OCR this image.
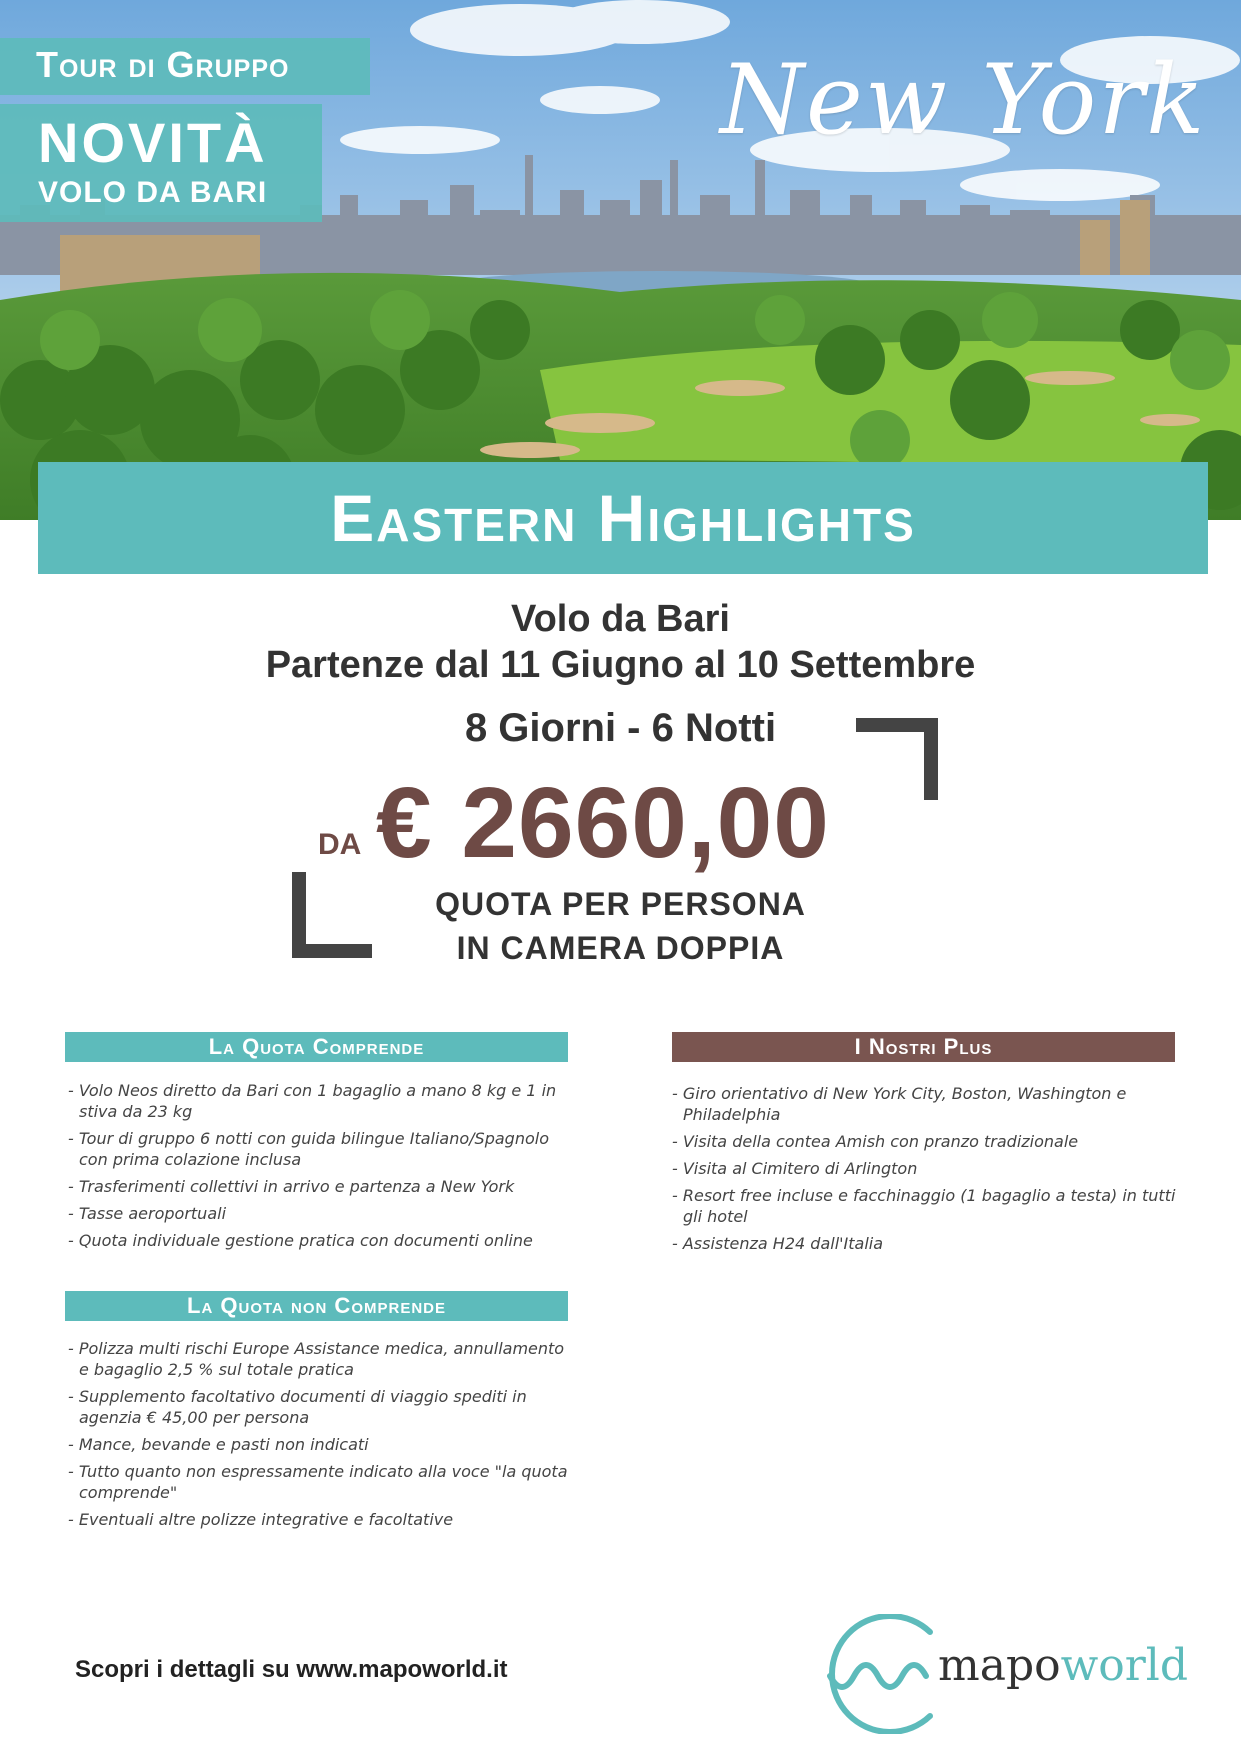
Tour di Gruppo
NOVITÀ
VOLO DA BARI
New York
Eastern Highlights
Volo da Bari
Partenze dal 11 Giugno al 10 Settembre
8 Giorni - 6 Notti
DA € 2660,00
QUOTA PER PERSONA
IN CAMERA DOPPIA
La Quota Comprende
- Volo Neos diretto da Bari con 1 bagaglio a mano 8 kg e 1 in stiva da 23 kg
- Tour di gruppo 6 notti con guida bilingue Italiano/Spagnolo con prima colazione inclusa
- Trasferimenti collettivi in arrivo e partenza a New York
- Tasse aeroportuali
- Quota individuale gestione pratica con documenti online
La Quota non Comprende
- Polizza multi rischi Europe Assistance medica, annullamento e bagaglio 2,5 % sul totale pratica
- Supplemento facoltativo documenti di viaggio spediti in agenzia € 45,00 per persona
- Mance, bevande e pasti non indicati
- Tutto quanto non espressamente indicato alla voce "la quota comprende"
- Eventuali altre polizze integrative e facoltative
I Nostri Plus
- Giro orientativo di New York City, Boston, Washington e Philadelphia
- Visita della contea Amish con pranzo tradizionale
- Visita al Cimitero di Arlington
- Resort free incluse e facchinaggio (1 bagaglio a testa) in tutti gli hotel
- Assistenza H24 dall'Italia
Scopri i dettagli su www.mapoworld.it	mapoworld
